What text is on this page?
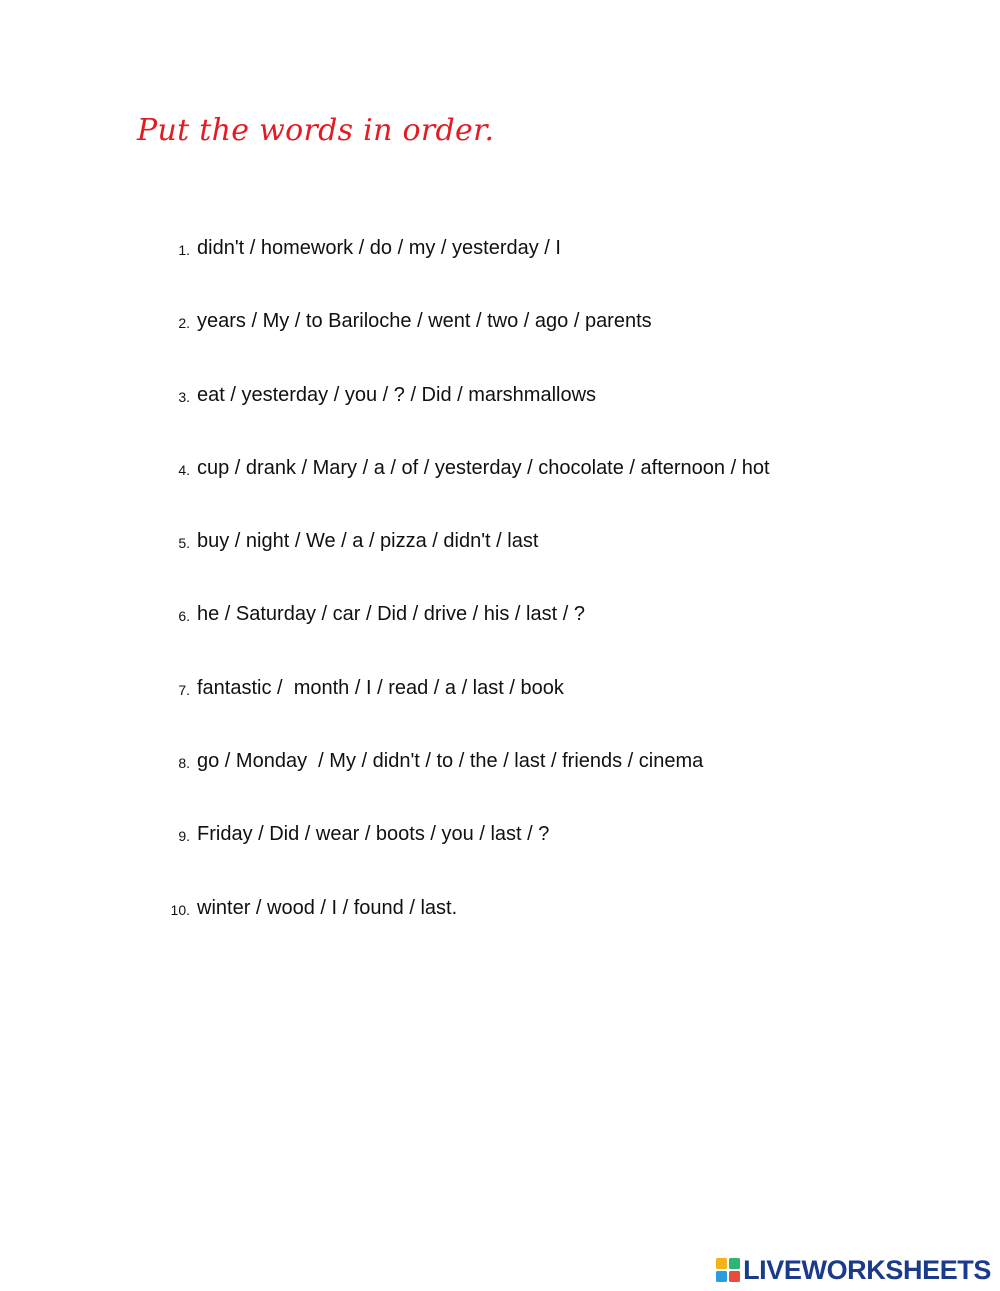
Put the words in order.
1. didn't / homework / do / my / yesterday / I
2. years / My / to Bariloche / went / two / ago / parents
3. eat / yesterday / you / ? / Did / marshmallows
4. cup / drank / Mary / a / of / yesterday / chocolate / afternoon / hot
5. buy / night / We / a / pizza / didn't / last
6. he / Saturday / car / Did / drive / his / last / ?
7. fantastic /  month / I / read / a / last / book
8. go / Monday  / My / didn't / to / the / last / friends / cinema
9. Friday / Did / wear / boots / you / last / ?
10. winter / wood / I / found / last.
LIVEWORKSHEETS
